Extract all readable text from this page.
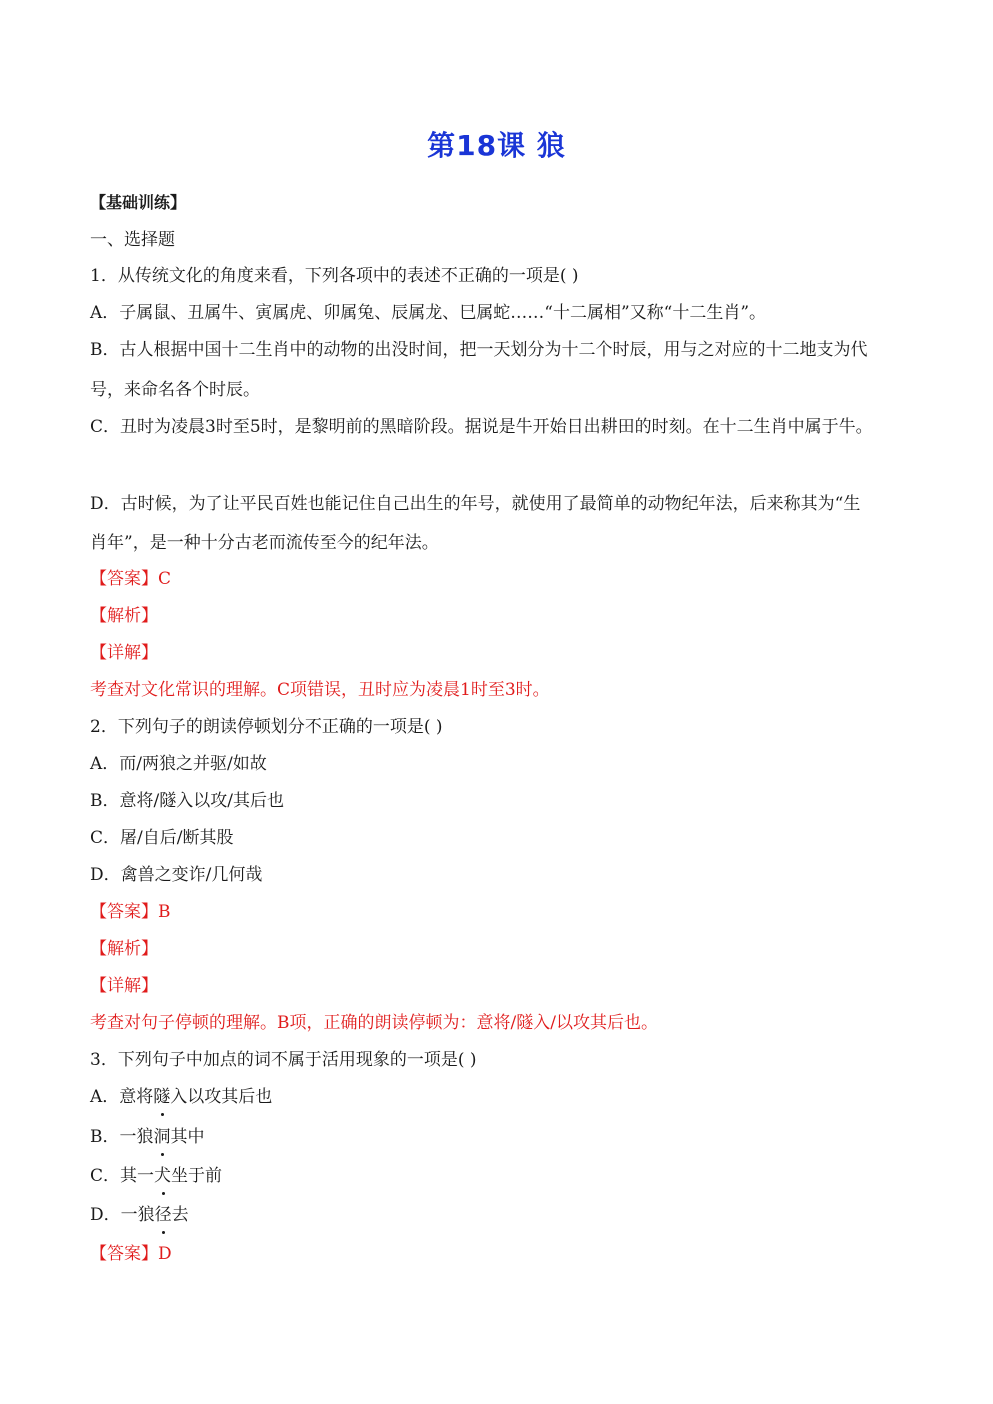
第18课 狼
【基础训练】
一、选择题
1．从传统文化的角度来看，下列各项中的表述不正确的一项是( )
A．子属鼠、丑属牛、寅属虎、卯属兔、辰属龙、巳属蛇……“十二属相”又称“十二生肖”。
B．古人根据中国十二生肖中的动物的出没时间，把一天划分为十二个时辰，用与之对应的十二地支为代
号，来命名各个时辰。
C．丑时为凌晨3时至5时，是黎明前的黑暗阶段。据说是牛开始日出耕田的时刻。在十二生肖中属于牛。
D．古时候，为了让平民百姓也能记住自己出生的年号，就使用了最简单的动物纪年法，后来称其为“生
肖年”，是一种十分古老而流传至今的纪年法。
【答案】C
【解析】
【详解】
考查对文化常识的理解。C项错误，丑时应为凌晨1时至3时。
2．下列句子的朗读停顿划分不正确的一项是( )
A．而/两狼之并驱/如故
B．意将/隧入以攻/其后也
C．屠/自后/断其股
D．禽兽之变诈/几何哉
【答案】B
【解析】
【详解】
考查对句子停顿的理解。B项，正确的朗读停顿为：意将/隧入/以攻其后也。
3．下列句子中加点的词不属于活用现象的一项是( )
A．意将隧入以攻其后也
B．一狼洞其中
C．其一犬坐于前
D．一狼径去
【答案】D
